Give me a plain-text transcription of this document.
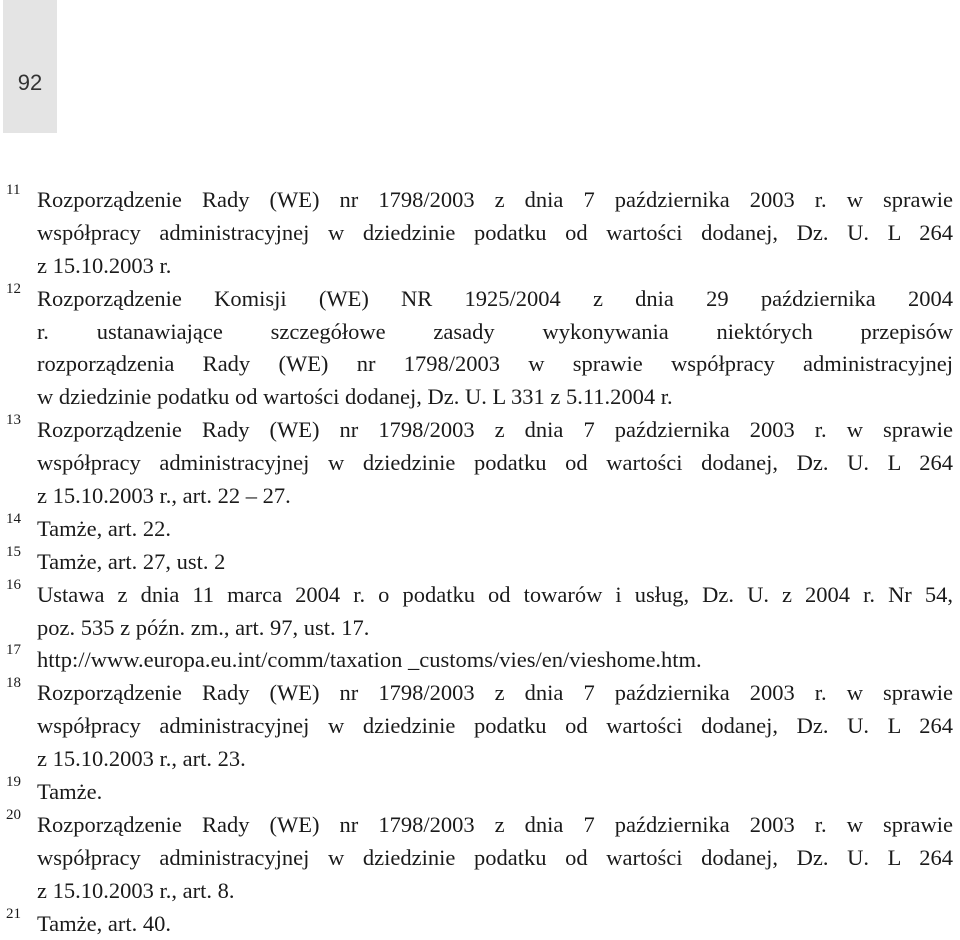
92
11 Rozporządzenie Rady (WE) nr 1798/2003 z dnia 7 października 2003 r. w sprawie
współpracy administracyjnej w dziedzinie podatku od wartości dodanej, Dz. U. L 264
z 15.10.2003 r.
12 Rozporządzenie Komisji (WE) NR 1925/2004 z dnia 29 października 2004
r. ustanawiające szczegółowe zasady wykonywania niektórych przepisów
rozporządzenia Rady (WE) nr 1798/2003 w sprawie współpracy administracyjnej
w dziedzinie podatku od wartości dodanej, Dz. U. L 331 z 5.11.2004 r.
13 Rozporządzenie Rady (WE) nr 1798/2003 z dnia 7 października 2003 r. w sprawie
współpracy administracyjnej w dziedzinie podatku od wartości dodanej, Dz. U. L 264
z 15.10.2003 r., art. 22 – 27.
14 Tamże, art. 22.
15 Tamże, art. 27, ust. 2
16 Ustawa z dnia 11 marca 2004 r. o podatku od towarów i usług, Dz. U. z 2004 r. Nr 54,
poz. 535 z późn. zm., art. 97, ust. 17.
17 http://www.europa.eu.int/comm/taxation _customs/vies/en/vieshome.htm.
18 Rozporządzenie Rady (WE) nr 1798/2003 z dnia 7 października 2003 r. w sprawie
współpracy administracyjnej w dziedzinie podatku od wartości dodanej, Dz. U. L 264
z 15.10.2003 r., art. 23.
19 Tamże.
20 Rozporządzenie Rady (WE) nr 1798/2003 z dnia 7 października 2003 r. w sprawie
współpracy administracyjnej w dziedzinie podatku od wartości dodanej, Dz. U. L 264
z 15.10.2003 r., art. 8.
21 Tamże, art. 40.
